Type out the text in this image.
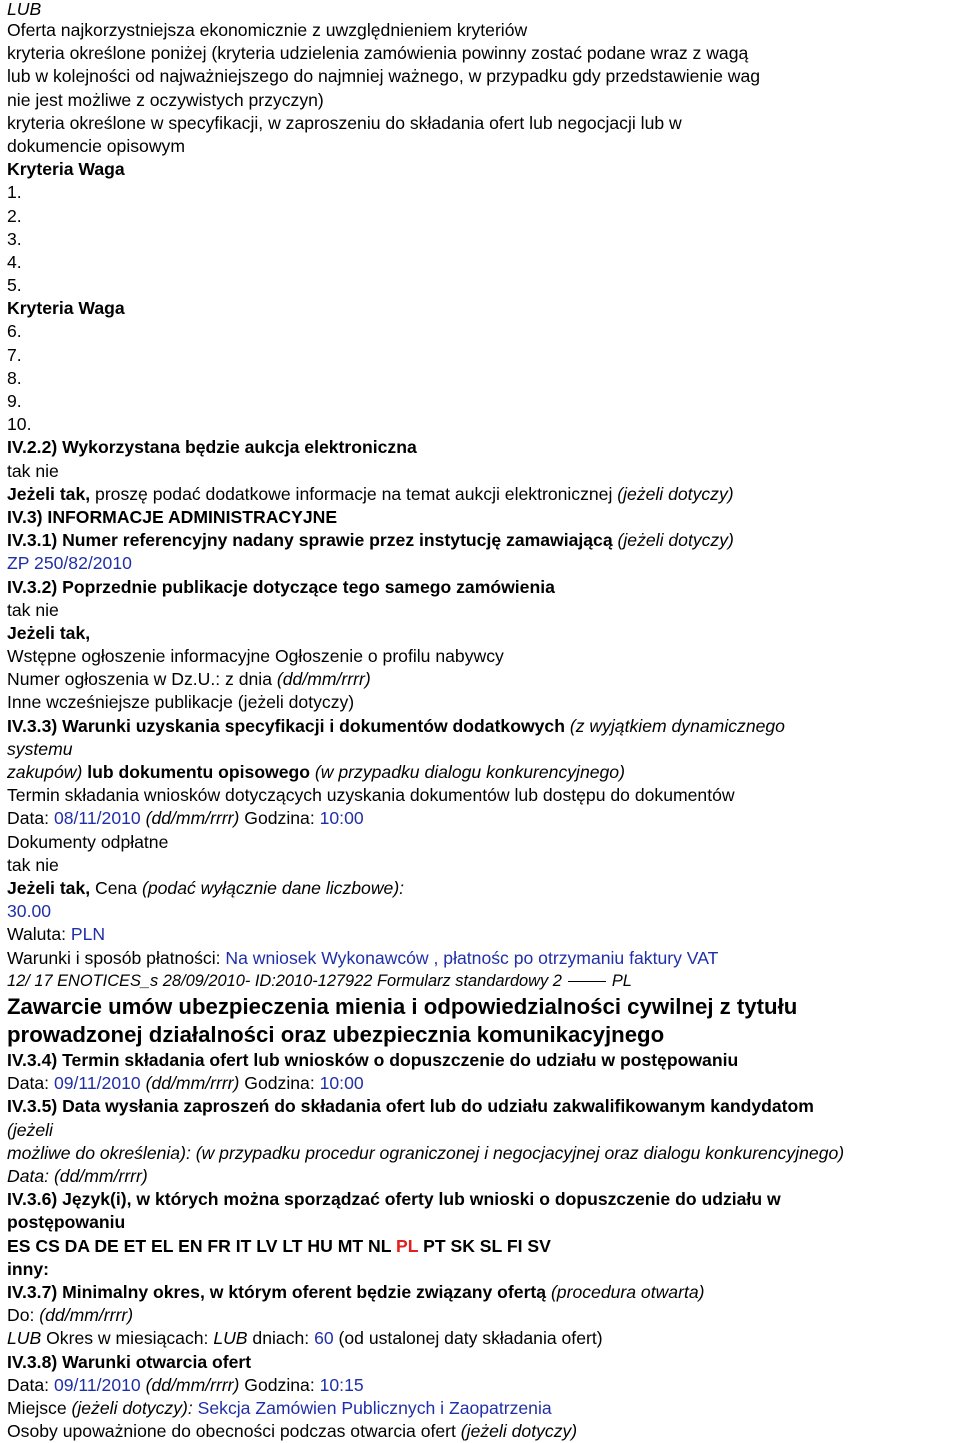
LUB
Oferta najkorzystniejsza ekonomicznie z uwzględnieniem kryteriów
kryteria określone poniżej (kryteria udzielenia zamówienia powinny zostać podane wraz z wagą
lub w kolejności od najważniejszego do najmniej ważnego, w przypadku gdy przedstawienie wag
nie jest możliwe z oczywistych przyczyn)
kryteria określone w specyfikacji, w zaproszeniu do składania ofert lub negocjacji lub w
dokumencie opisowym
Kryteria Waga
1.
2.
3.
4.
5.
Kryteria Waga
6.
7.
8.
9.
10.
IV.2.2) Wykorzystana będzie aukcja elektroniczna
tak nie
Jeżeli tak, proszę podać dodatkowe informacje na temat aukcji elektronicznej (jeżeli dotyczy)
IV.3) INFORMACJE ADMINISTRACYJNE
IV.3.1) Numer referencyjny nadany sprawie przez instytucję zamawiającą (jeżeli dotyczy)
ZP 250/82/2010
IV.3.2) Poprzednie publikacje dotyczące tego samego zamówienia
tak nie
Jeżeli tak,
Wstępne ogłoszenie informacyjne Ogłoszenie o profilu nabywcy
Numer ogłoszenia w Dz.U.: z dnia (dd/mm/rrrr)
Inne wcześniejsze publikacje (jeżeli dotyczy)
IV.3.3) Warunki uzyskania specyfikacji i dokumentów dodatkowych (z wyjątkiem dynamicznego
systemu
zakupów) lub dokumentu opisowego (w przypadku dialogu konkurencyjnego)
Termin składania wniosków dotyczących uzyskania dokumentów lub dostępu do dokumentów
Data: 08/11/2010 (dd/mm/rrrr) Godzina: 10:00
Dokumenty odpłatne
tak nie
Jeżeli tak, Cena (podać wyłącznie dane liczbowe):
30.00
Waluta: PLN
Warunki i sposób płatności: Na wniosek Wykonawców , płatnośc po otrzymaniu faktury VAT
12/ 17 ENOTICES_s 28/09/2010- ID:2010-127922 Formularz standardowy 2	PL
Zawarcie umów ubezpieczenia mienia i odpowiedzialności cywilnej z tytułu
prowadzonej działalności oraz ubezpiecznia komunikacyjnego
IV.3.4) Termin składania ofert lub wniosków o dopuszczenie do udziału w postępowaniu
Data: 09/11/2010 (dd/mm/rrrr) Godzina: 10:00
IV.3.5) Data wysłania zaproszeń do składania ofert lub do udziału zakwalifikowanym kandydatom
(jeżeli
możliwe do określenia): (w przypadku procedur ograniczonej i negocjacyjnej oraz dialogu konkurencyjnego)
Data: (dd/mm/rrrr)
IV.3.6) Język(i), w których można sporządzać oferty lub wnioski o dopuszczenie do udziału w
postępowaniu
ES CS DA DE ET EL EN FR IT LV LT HU MT NL PL PT SK SL FI SV
inny:
IV.3.7) Minimalny okres, w którym oferent będzie związany ofertą (procedura otwarta)
Do: (dd/mm/rrrr)
LUB Okres w miesiącach: LUB dniach: 60 (od ustalonej daty składania ofert)
IV.3.8) Warunki otwarcia ofert
Data: 09/11/2010 (dd/mm/rrrr) Godzina: 10:15
Miejsce (jeżeli dotyczy): Sekcja Zamówien Publicznych i Zaopatrzenia
Osoby upoważnione do obecności podczas otwarcia ofert (jeżeli dotyczy)
